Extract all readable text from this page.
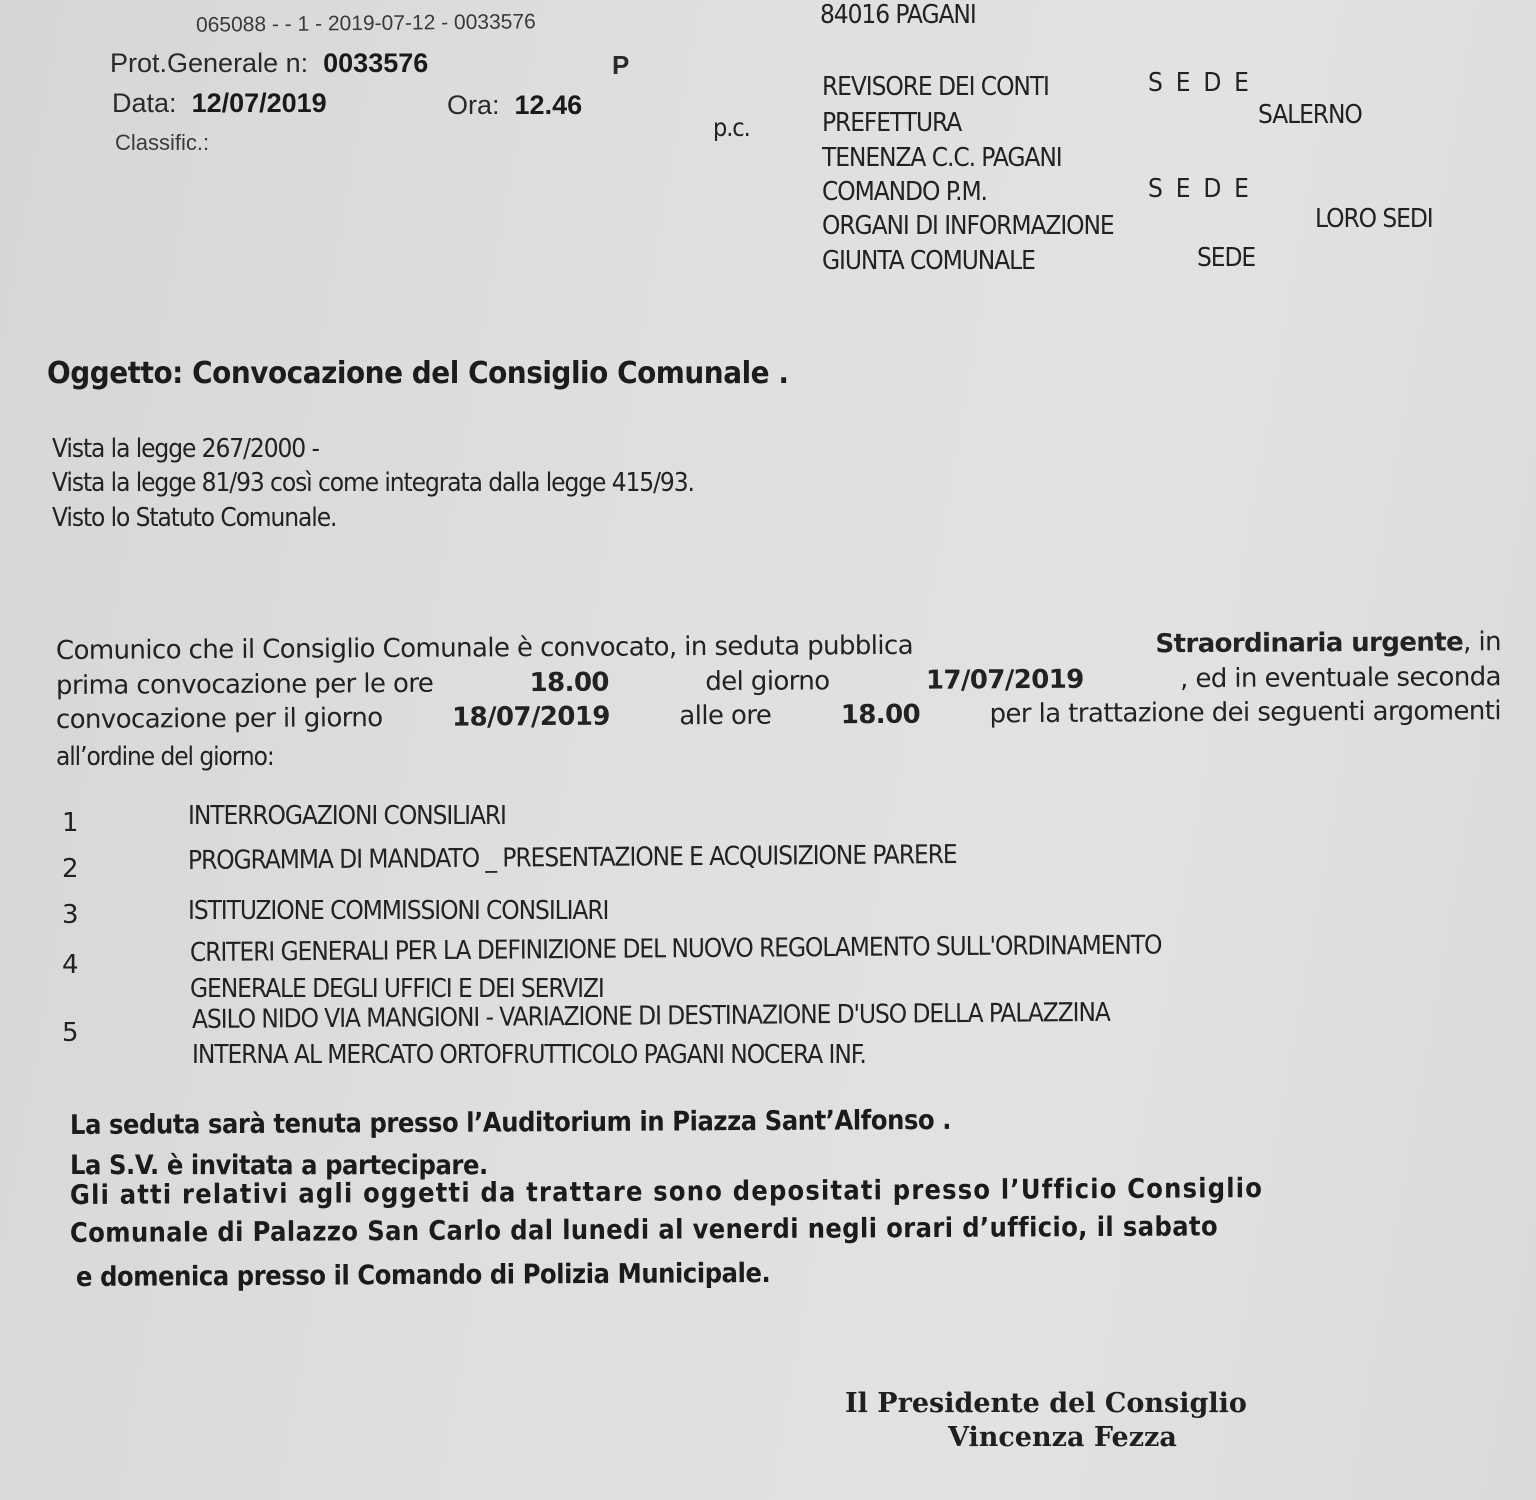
065088 - - 1 - 2019-07-12 - 0033576
Prot.Generale n: 0033576	P
Data: 12/07/2019	Ora: 12.46
Classific.:
84016 PAGANI
p.c.
REVISORE DEI CONTI	S E D E
PREFETTURA	SALERNO
TENENZA C.C. PAGANI
COMANDO P.M.	S E D E
ORGANI DI INFORMAZIONE	LORO SEDI
GIUNTA COMUNALE	SEDE
Oggetto: Convocazione del Consiglio Comunale .
Vista la legge 267/2000 -
Vista la legge 81/93 così come integrata dalla legge 415/93.
Visto lo Statuto Comunale.
Comunico che il Consiglio Comunale è convocato, in seduta pubblica	Straordinaria urgente, in
prima convocazione per le ore	18.00	del giorno	17/07/2019	, ed in eventuale seconda
convocazione per il giorno	18/07/2019	alle ore	18.00	per la trattazione dei seguenti argomenti
all’ordine del giorno:
1	INTERROGAZIONI CONSILIARI
2	PROGRAMMA DI MANDATO _ PRESENTAZIONE E ACQUISIZIONE PARERE
3	ISTITUZIONE COMMISSIONI CONSILIARI
4	CRITERI GENERALI PER LA DEFINIZIONE DEL NUOVO REGOLAMENTO SULL'ORDINAMENTO
GENERALE DEGLI UFFICI E DEI SERVIZI
5	ASILO NIDO VIA MANGIONI - VARIAZIONE DI DESTINAZIONE D'USO DELLA PALAZZINA
INTERNA AL MERCATO ORTOFRUTTICOLO PAGANI NOCERA INF.
La seduta sarà tenuta presso l’Auditorium in Piazza Sant’Alfonso .
La S.V. è invitata a partecipare.
Gli atti relativi agli oggetti da trattare sono depositati presso l’Ufficio Consiglio
Comunale di Palazzo San Carlo dal lunedi al venerdi negli orari d’ufficio, il sabato
e domenica presso il Comando di Polizia Municipale.
Il Presidente del Consiglio
Vincenza Fezza
